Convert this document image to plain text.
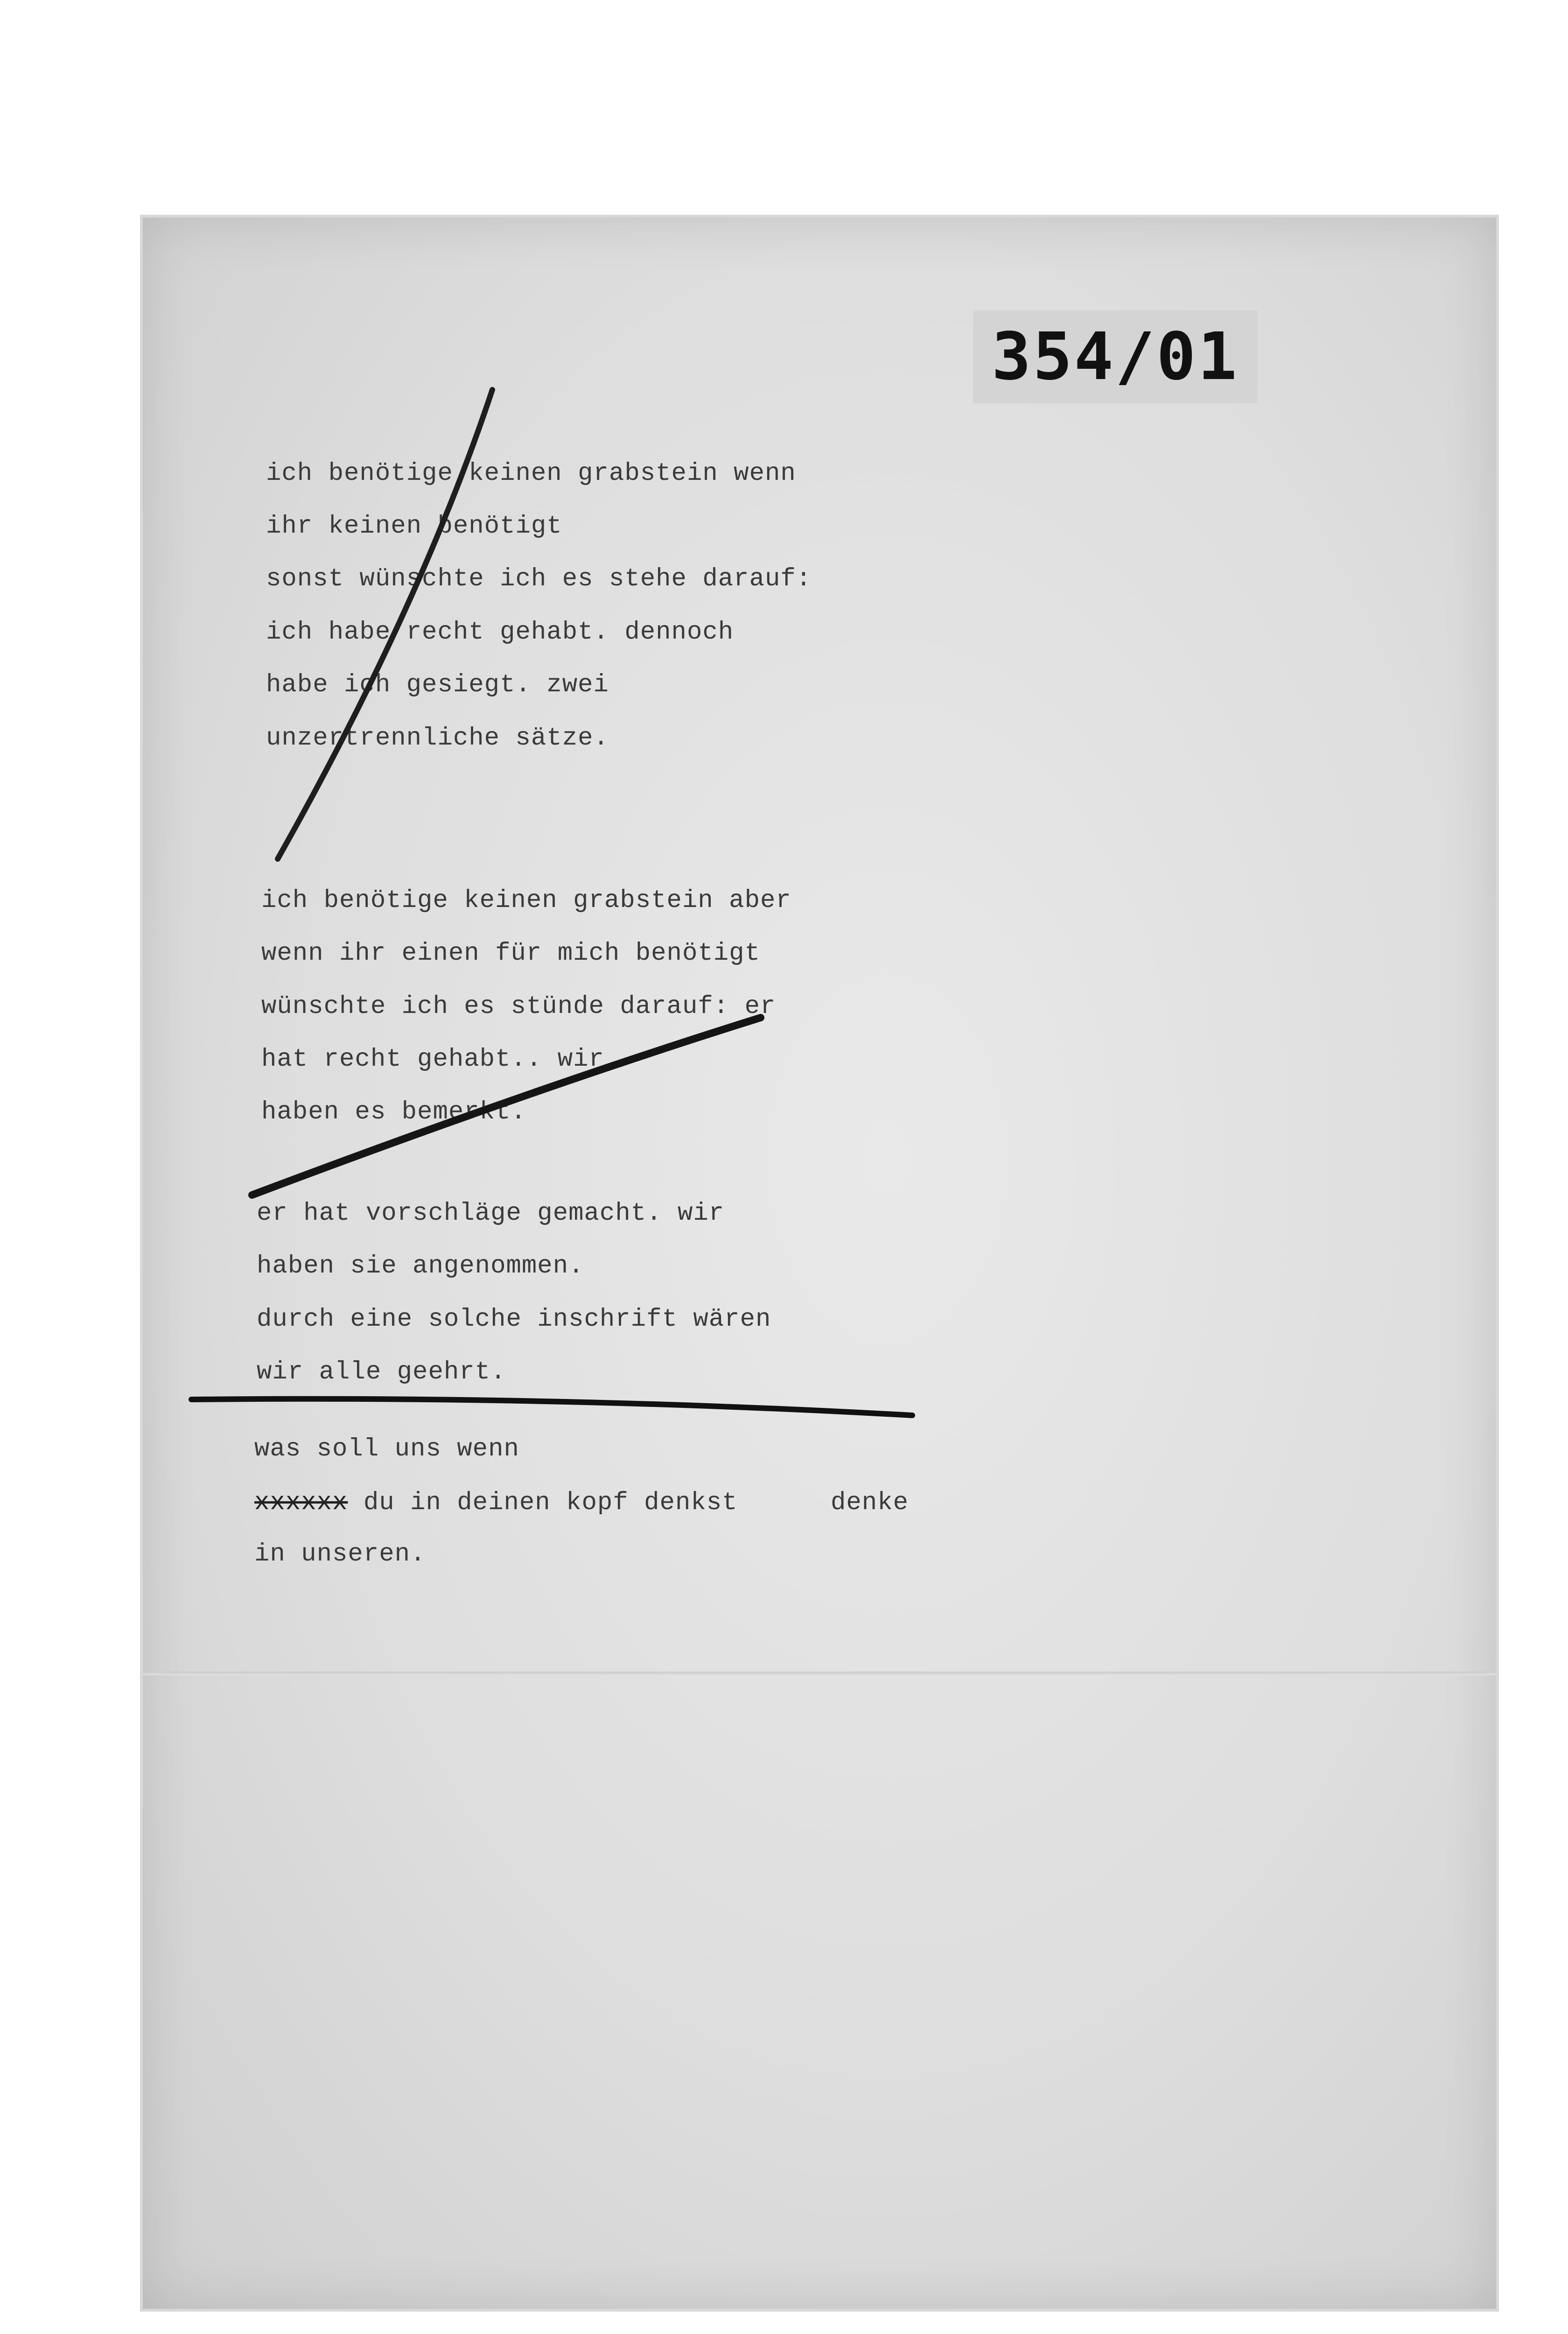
354/01

ich benötige keinen grabstein wenn

ihr keinen benötigt

sonst wünschte ich es stehe darauf:

ich habe recht gehabt. dennoch

habe ich gesiegt. zwei

unzertrennliche sätze.

ich benötige keinen grabstein aber

wenn ihr einen für mich benötigt

wünschte ich es stünde darauf: er

hat recht gehabt.. wir

haben es bemerkt.

er hat vorschläge gemacht. wir

haben sie angenommen.

durch eine solche inschrift wären

wir alle geehrt.

was soll uns wenn

xxxxxx du in deinen kopf denkst	denke

in unseren.
